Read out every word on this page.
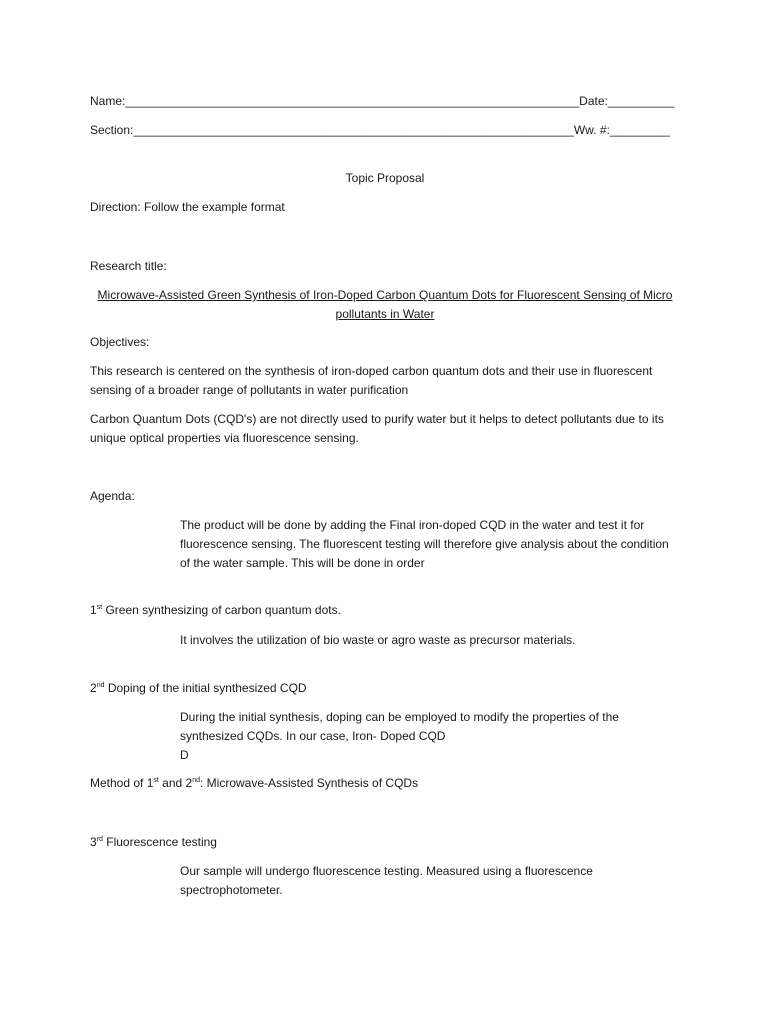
Name:____________________________________________________________________Date:__________
Section:__________________________________________________________________Ww. #:_________
Topic Proposal
Direction: Follow the example format
Research title:
Microwave-Assisted Green Synthesis of Iron-Doped Carbon Quantum Dots for Fluorescent Sensing of Micro pollutants in Water
Objectives:
This research is centered on the synthesis of iron-doped carbon quantum dots and their use in fluorescent sensing of a broader range of pollutants in water purification
Carbon Quantum Dots (CQD's) are not directly used to purify water but it helps to detect pollutants due to its unique optical properties via fluorescence sensing.
Agenda:
The product will be done by adding the Final iron-doped CQD in the water and test it for fluorescence sensing. The fluorescent testing will therefore give analysis about the condition of the water sample. This will be done in order
1st Green synthesizing of carbon quantum dots.
It involves the utilization of bio waste or agro waste as precursor materials.
2nd Doping of the initial synthesized CQD
During the initial synthesis, doping can be employed to modify the properties of the synthesized CQDs. In our case, Iron- Doped CQD
D
Method of 1st and 2nd: Microwave-Assisted Synthesis of CQDs
3rd Fluorescence testing
Our sample will undergo fluorescence testing. Measured using a fluorescence spectrophotometer.
